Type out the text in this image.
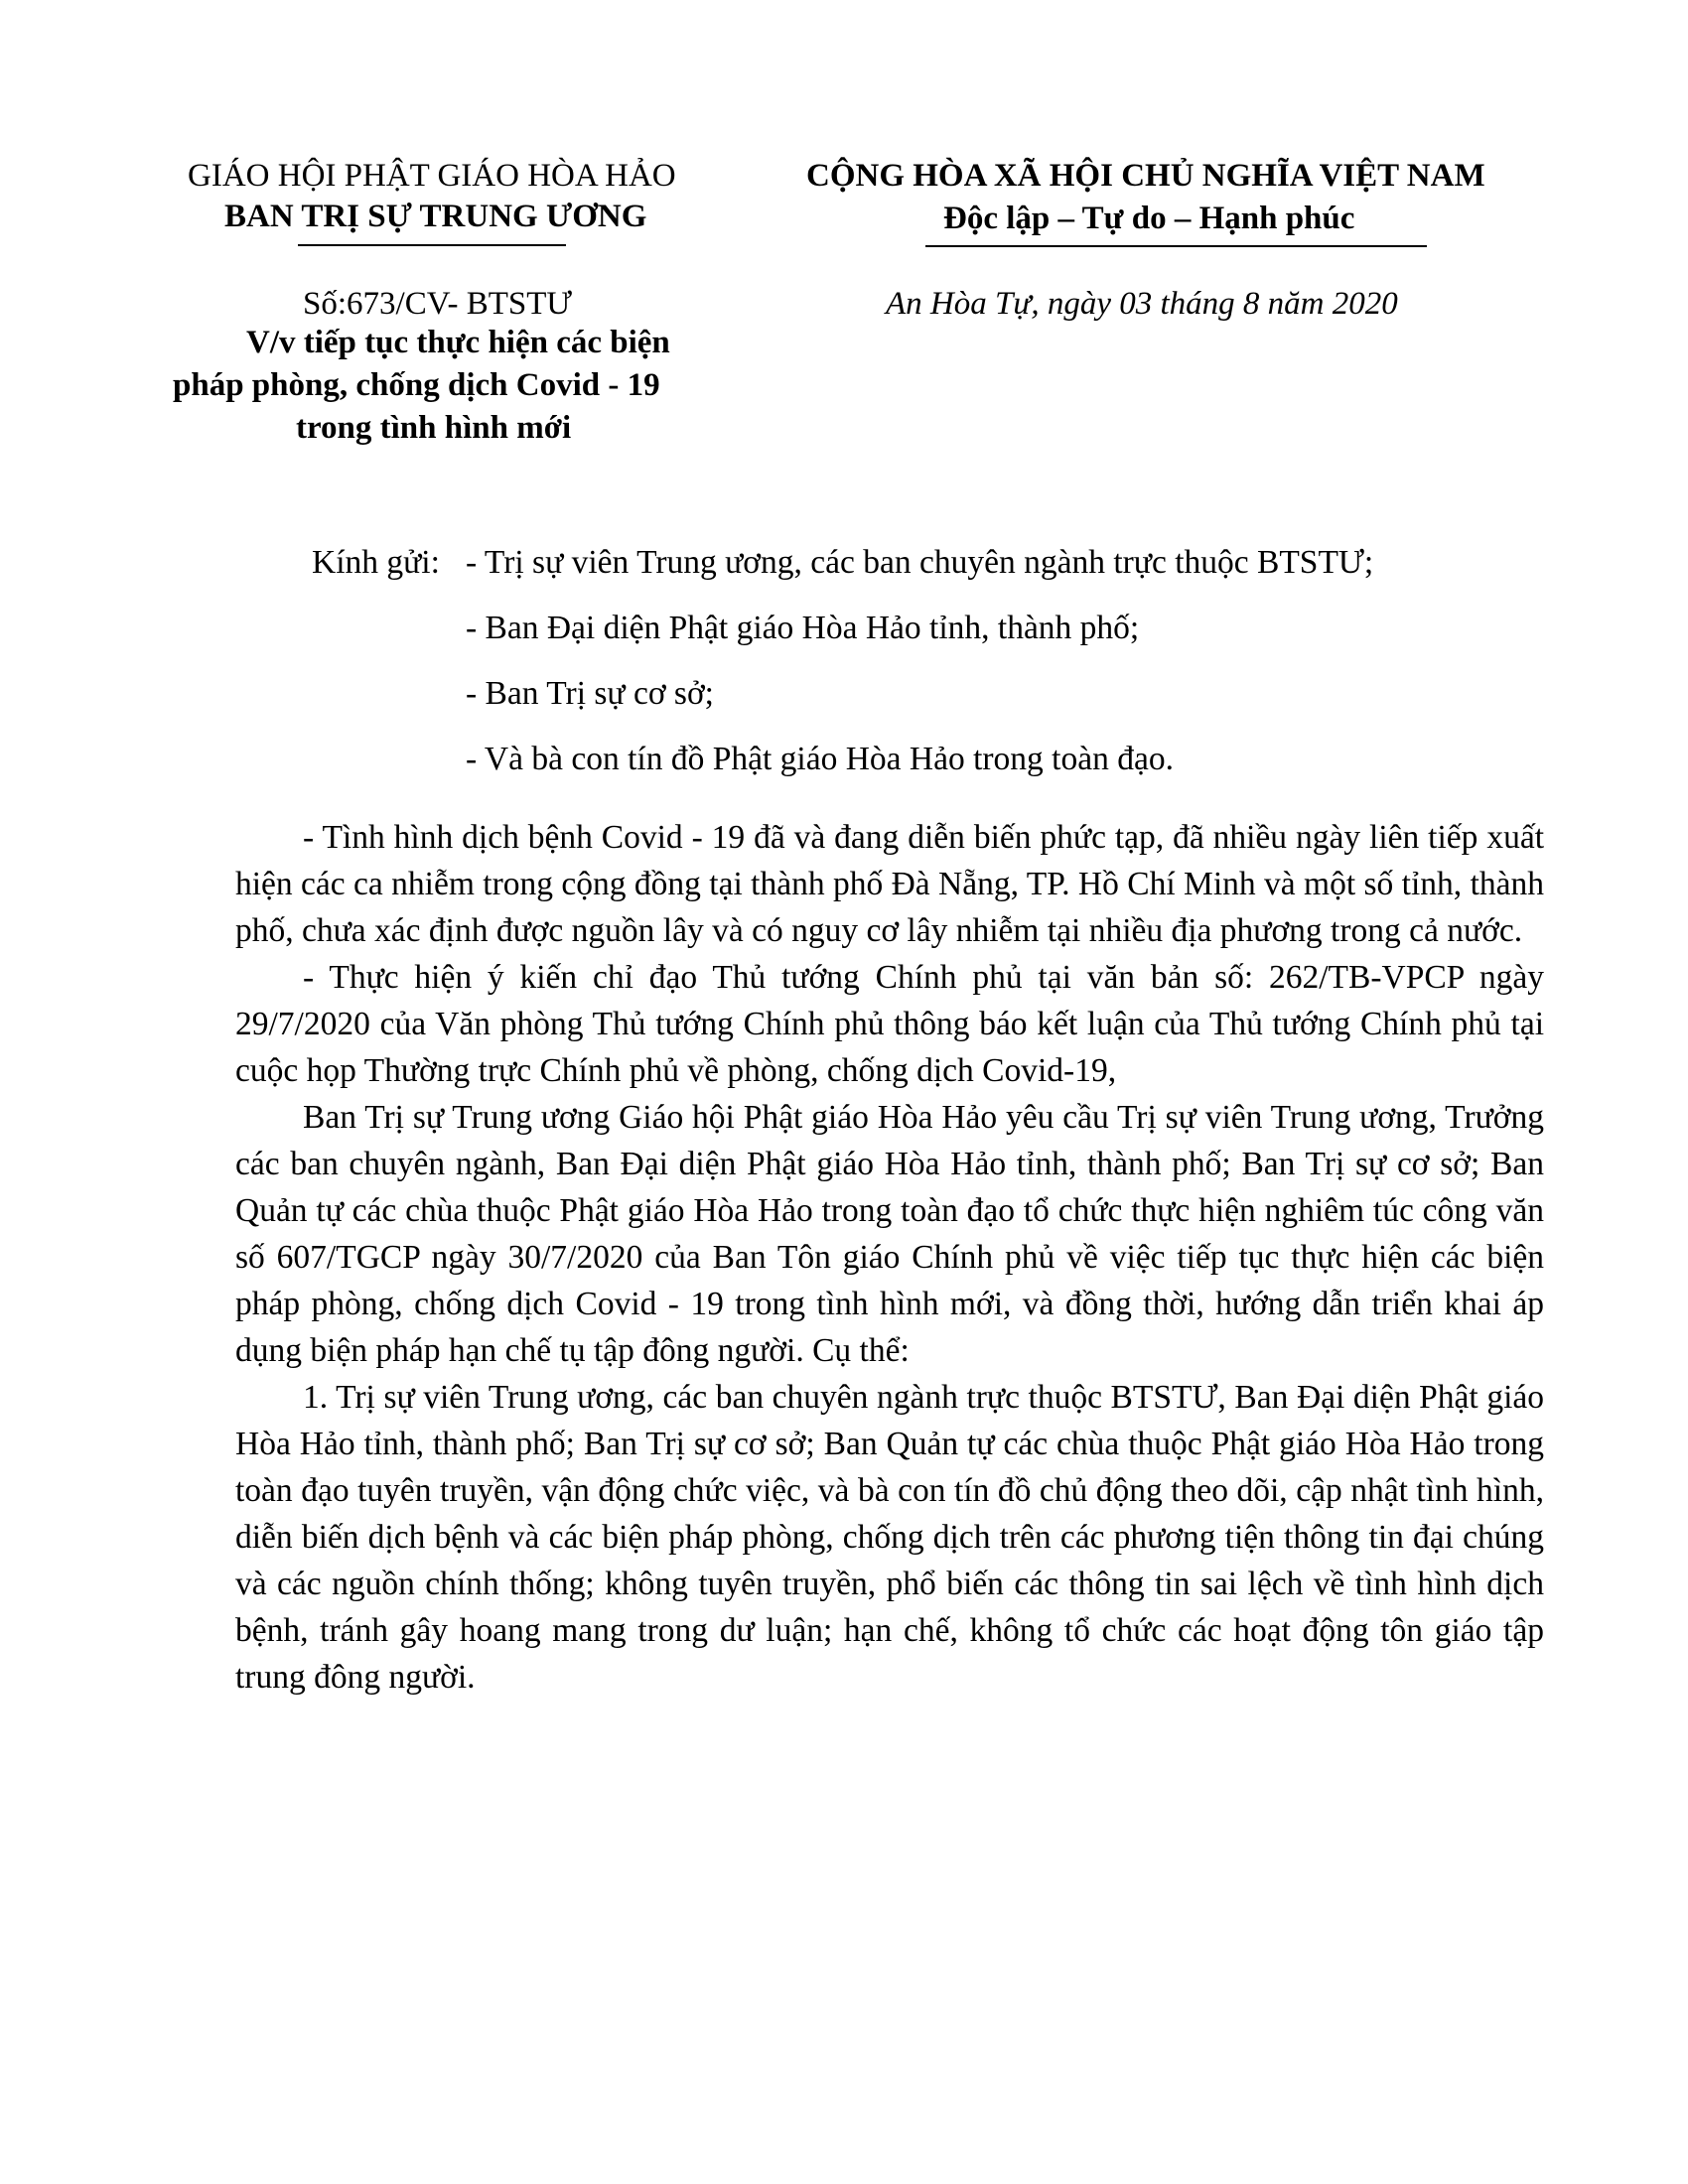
GIÁO HỘI PHẬT GIÁO HÒA HẢO
BAN TRỊ SỰ TRUNG ƯƠNG
CỘNG HÒA XÃ HỘI CHỦ NGHĨA VIỆT NAM
Độc lập – Tự do – Hạnh phúc
Số:673/CV- BTSTƯ	An Hòa Tự, ngày 03 tháng 8 năm 2020
V/v tiếp tục thực hiện các biện
pháp phòng, chống dịch Covid - 19
trong tình hình mới
Kính gửi: - Trị sự viên Trung ương, các ban chuyên ngành trực thuộc BTSTƯ;
- Ban Đại diện Phật giáo Hòa Hảo tỉnh, thành phố;
- Ban Trị sự cơ sở;
- Và bà con tín đồ Phật giáo Hòa Hảo trong toàn đạo.

- Tình hình dịch bệnh Covid - 19 đã và đang diễn biến phức tạp, đã nhiều ngày liên tiếp xuất hiện các ca nhiễm trong cộng đồng tại thành phố Đà Nẵng, TP. Hồ Chí Minh và một số tỉnh, thành phố, chưa xác định được nguồn lây và có nguy cơ lây nhiễm tại nhiều địa phương trong cả nước.

- Thực hiện ý kiến chỉ đạo Thủ tướng Chính phủ tại văn bản số: 262/TB-VPCP ngày 29/7/2020 của Văn phòng Thủ tướng Chính phủ thông báo kết luận của Thủ tướng Chính phủ tại cuộc họp Thường trực Chính phủ về phòng, chống dịch Covid-19,

Ban Trị sự Trung ương Giáo hội Phật giáo Hòa Hảo yêu cầu Trị sự viên Trung ương, Trưởng các ban chuyên ngành, Ban Đại diện Phật giáo Hòa Hảo tỉnh, thành phố; Ban Trị sự cơ sở; Ban Quản tự các chùa thuộc Phật giáo Hòa Hảo trong toàn đạo tổ chức thực hiện nghiêm túc công văn số 607/TGCP ngày 30/7/2020 của Ban Tôn giáo Chính phủ về việc tiếp tục thực hiện các biện pháp phòng, chống dịch Covid - 19 trong tình hình mới, và đồng thời, hướng dẫn triển khai áp dụng biện pháp hạn chế tụ tập đông người. Cụ thể:

1. Trị sự viên Trung ương, các ban chuyên ngành trực thuộc BTSTƯ, Ban Đại diện Phật giáo Hòa Hảo tỉnh, thành phố; Ban Trị sự cơ sở; Ban Quản tự các chùa thuộc Phật giáo Hòa Hảo trong toàn đạo tuyên truyền, vận động chức việc, và bà con tín đồ chủ động theo dõi, cập nhật tình hình, diễn biến dịch bệnh và các biện pháp phòng, chống dịch trên các phương tiện thông tin đại chúng và các nguồn chính thống; không tuyên truyền, phổ biến các thông tin sai lệch về tình hình dịch bệnh, tránh gây hoang mang trong dư luận; hạn chế, không tổ chức các hoạt động tôn giáo tập trung đông người.
